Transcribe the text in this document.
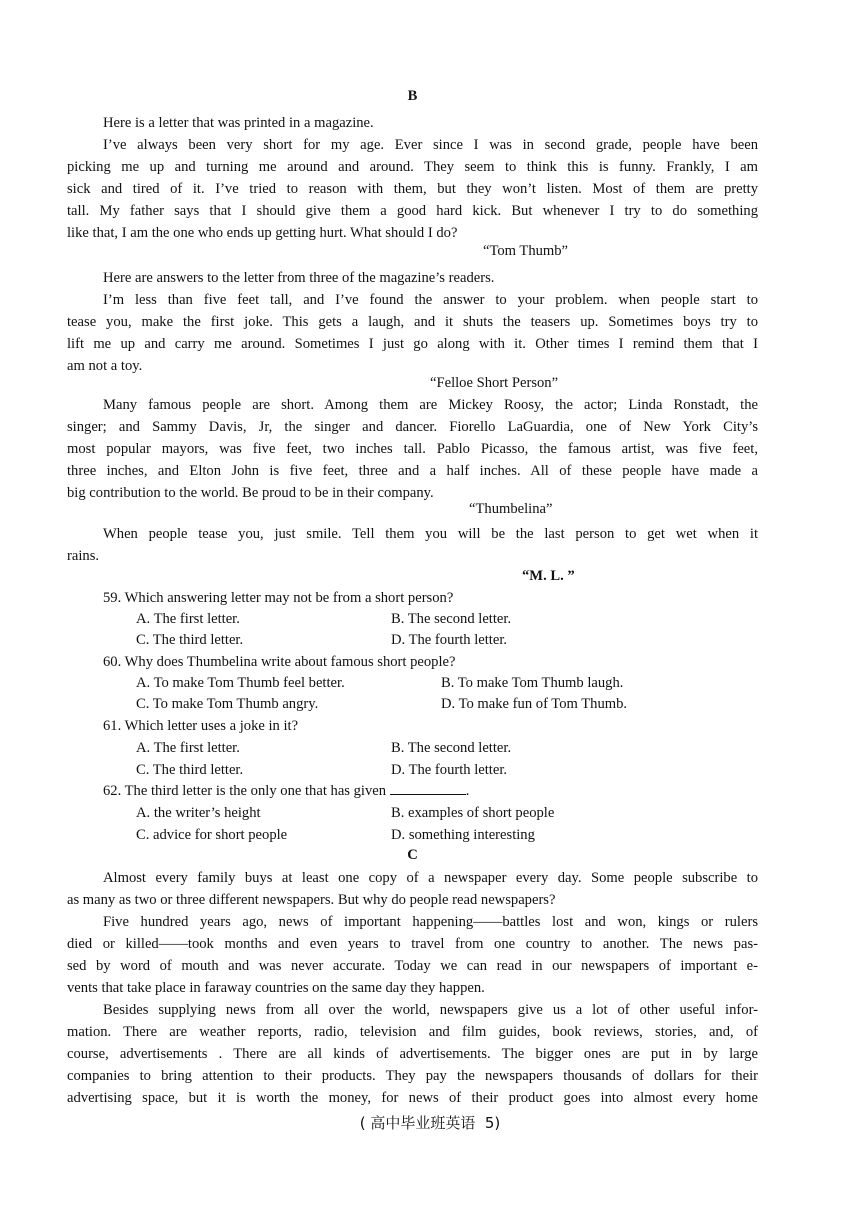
B
Here is a letter that was printed in a magazine.
I’ve always been very short for my age. Ever since I was in second grade, people have been
picking me up and turning me around and around. They seem to think this is funny. Frankly, I am
sick and tired of it. I’ve tried to reason with them, but they won’t listen. Most of them are pretty
tall. My father says that I should give them a good hard kick. But whenever I try to do something
like that, I am the one who ends up getting hurt. What should I do?
“Tom Thumb”
Here are answers to the letter from three of the magazine’s readers.
I’m less than five feet tall, and I’ve found the answer to your problem. when people start to
tease you, make the first joke. This gets a laugh, and it shuts the teasers up. Sometimes boys try to
lift me up and carry me around. Sometimes I just go along with it. Other times I remind them that I
am not a toy.
“Felloe Short Person”
Many famous people are short. Among them are Mickey Roosy, the actor; Linda Ronstadt, the
singer; and Sammy Davis, Jr, the singer and dancer. Fiorello LaGuardia, one of New York City’s
most popular mayors, was five feet, two inches tall. Pablo Picasso, the famous artist, was five feet,
three inches, and Elton John is five feet, three and a half inches. All of these people have made a
big contribution to the world. Be proud to be in their company.
“Thumbelina”
When people tease you, just smile. Tell them you will be the last person to get wet when it
rains.
“M. L. ”
59. Which answering letter may not be from a short person?
A. The first letter.	B. The second letter.
C. The third letter.	D. The fourth letter.
60. Why does Thumbelina write about famous short people?
A. To make Tom Thumb feel better.	B. To make Tom Thumb laugh.
C. To make Tom Thumb angry.	D. To make fun of Tom Thumb.
61. Which letter uses a joke in it?
A. The first letter.	B. The second letter.
C. The third letter.	D. The fourth letter.
62. The third letter is the only one that has given	.
A. the writer’s height	B. examples of short people
C. advice for short people	D. something interesting
C
Almost every family buys at least one copy of a newspaper every day. Some people subscribe to
as many as two or three different newspapers. But why do people read newspapers?
Five hundred years ago, news of important happening——battles lost and won, kings or rulers
died or killed——took months and even years to travel from one country to another. The news pas-
sed by word of mouth and was never accurate. Today we can read in our newspapers of important e-
vents that take place in faraway countries on the same day they happen.
Besides supplying news from all over the world, newspapers give us a lot of other useful infor-
mation. There are weather reports, radio, television and film guides, book reviews, stories, and, of
course, advertisements . There are all kinds of advertisements. The bigger ones are put in by large
companies to bring attention to their products. They pay the newspapers thousands of dollars for their
advertising space, but it is worth the money, for news of their product goes into almost every home
( 高中毕业班英语  5)
